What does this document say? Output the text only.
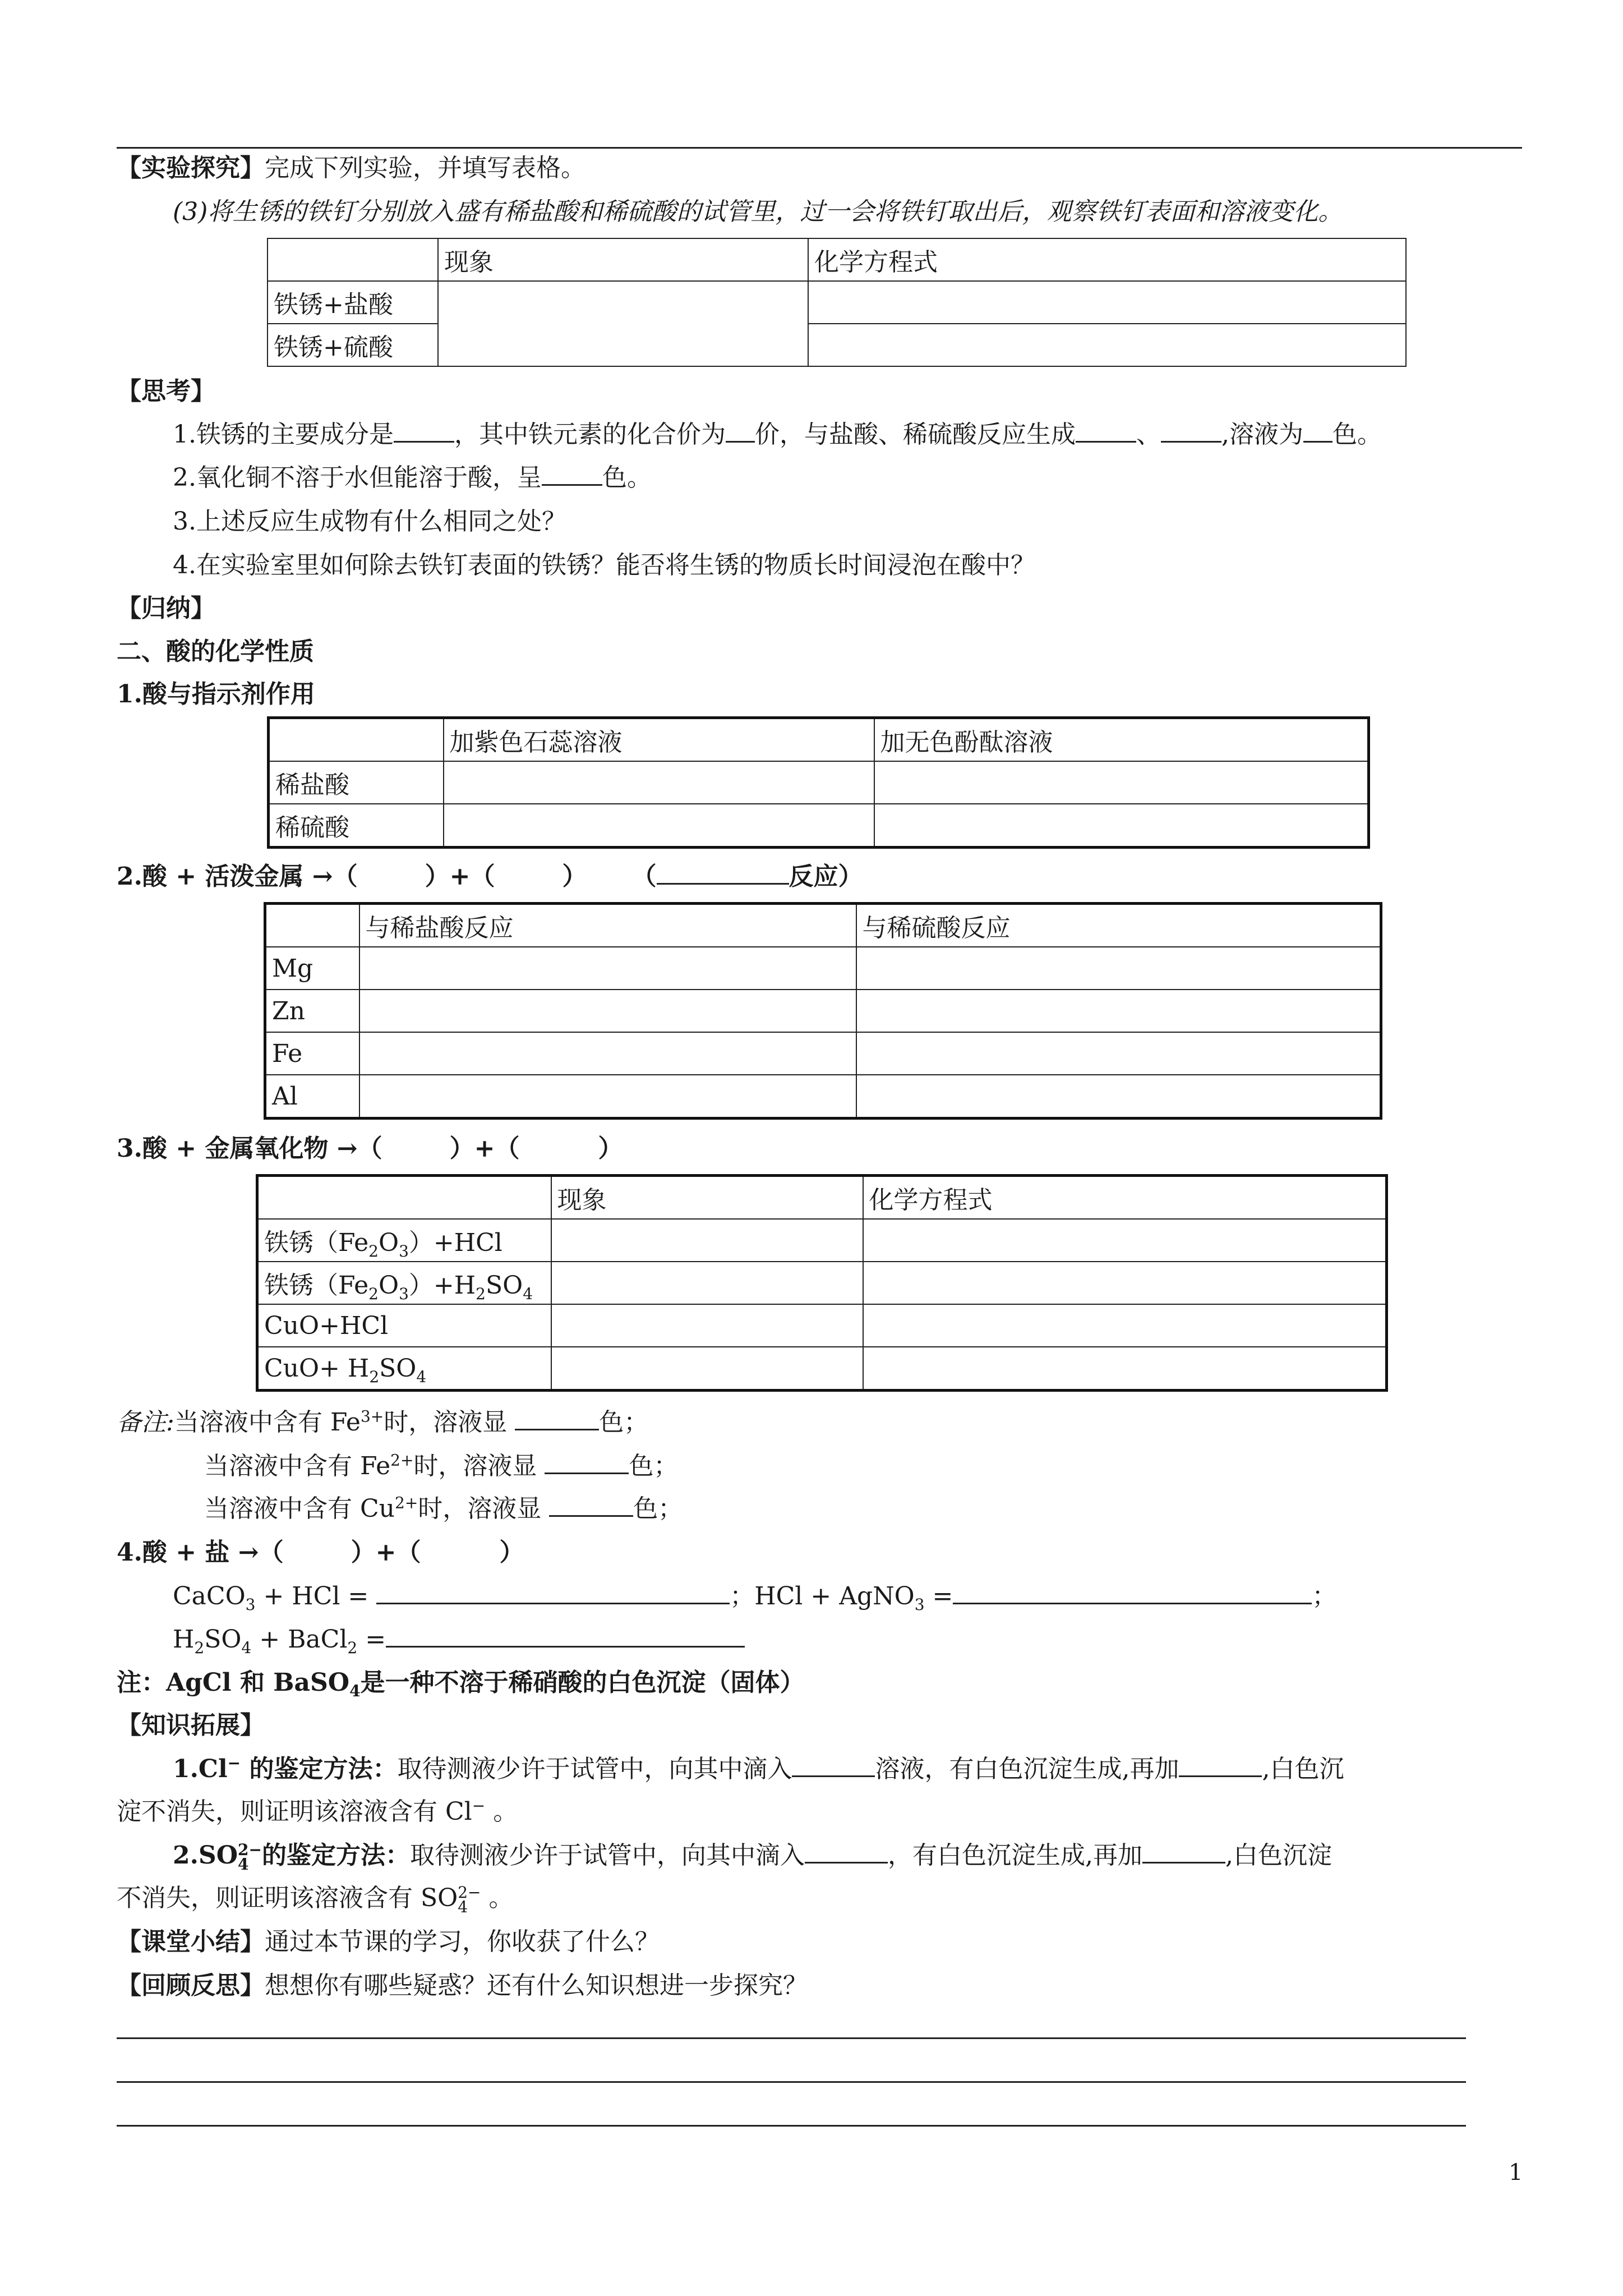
【实验探究】完成下列实验，并填写表格。
(3)将生锈的铁钉分别放入盛有稀盐酸和稀硫酸的试管里，过一会将铁钉取出后，观察铁钉表面和溶液变化。
	现象	化学方程式
铁锈+盐酸		
铁锈+硫酸		
【思考】
1.铁锈的主要成分是 ，其中铁元素的化合价为 价，与盐酸、稀硫酸反应生成 、 ,溶液为 色。
2.氧化铜不溶于水但能溶于酸，呈 色。
3.上述反应生成物有什么相同之处？
4.在实验室里如何除去铁钉表面的铁锈？能否将生锈的物质长时间浸泡在酸中？
【归纳】
二、酸的化学性质
1.酸与指示剂作用
	加紫色石蕊溶液	加无色酚酞溶液
稀盐酸		
稀硫酸		
2.酸 + 活泼金属 →（	）+（	） （	反应）
	与稀盐酸反应	与稀硫酸反应
Mg		
Zn		
Fe		
Al		
3.酸 + 金属氧化物 →（	）+（	）
	现象	化学方程式
铁锈$(Fe_2O_3)+HCl$		
铁锈$(Fe_2O_3)+H_2SO_4$		
CuO+HCl		
$CuO+ H_2SO_4$		
备注:当溶液中含有 $Fe^{3+}$时，溶液显	色；
当溶液中含有 $Fe^{2+}$时，溶液显	色；
当溶液中含有 $Cu^{2+}$时，溶液显	色；
4.酸 + 盐 →（	）+（	）
CaCO$_3$ + HCl =	；HCl + AgNO$_3$ =	；
$H_2SO_4$ + BaCl$_2$ =
注：AgCl 和 BaSO$_4$是一种不溶于稀硝酸的白色沉淀（固体）
【知识拓展】
1.Cl− 的鉴定方法：取待测液少许于试管中，向其中滴入	溶液，有白色沉淀生成,再加	,白色沉
淀不消失，则证明该溶液含有 Cl− 。
2.SO 2−
4 的鉴定方法：取待测液少许于试管中，向其中滴入	，有白色沉淀生成,再加	,白色沉淀
不消失，则证明该溶液含有 SO 2−
4 。
【课堂小结】通过本节课的学习，你收获了什么？
【回顾反思】想想你有哪些疑惑？还有什么知识想进一步探究？
1
